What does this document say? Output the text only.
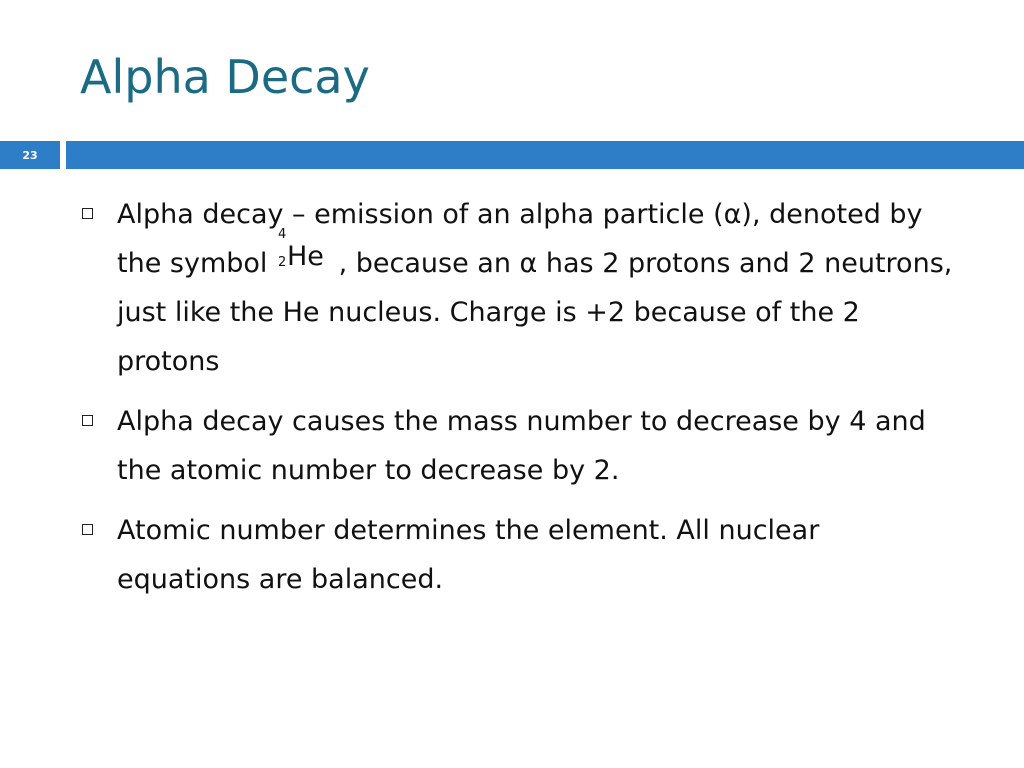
Alpha Decay
23

Alpha decay – emission of an alpha particle (α), denoted by the symbol
4
2 He , because an α has 2 protons and 2 neutrons, just like the He nucleus. Charge is +2 because of the 2 protons

Alpha decay causes the mass number to decrease by 4 and the atomic number to decrease by 2.

Atomic number determines the element. All nuclear equations are balanced.
